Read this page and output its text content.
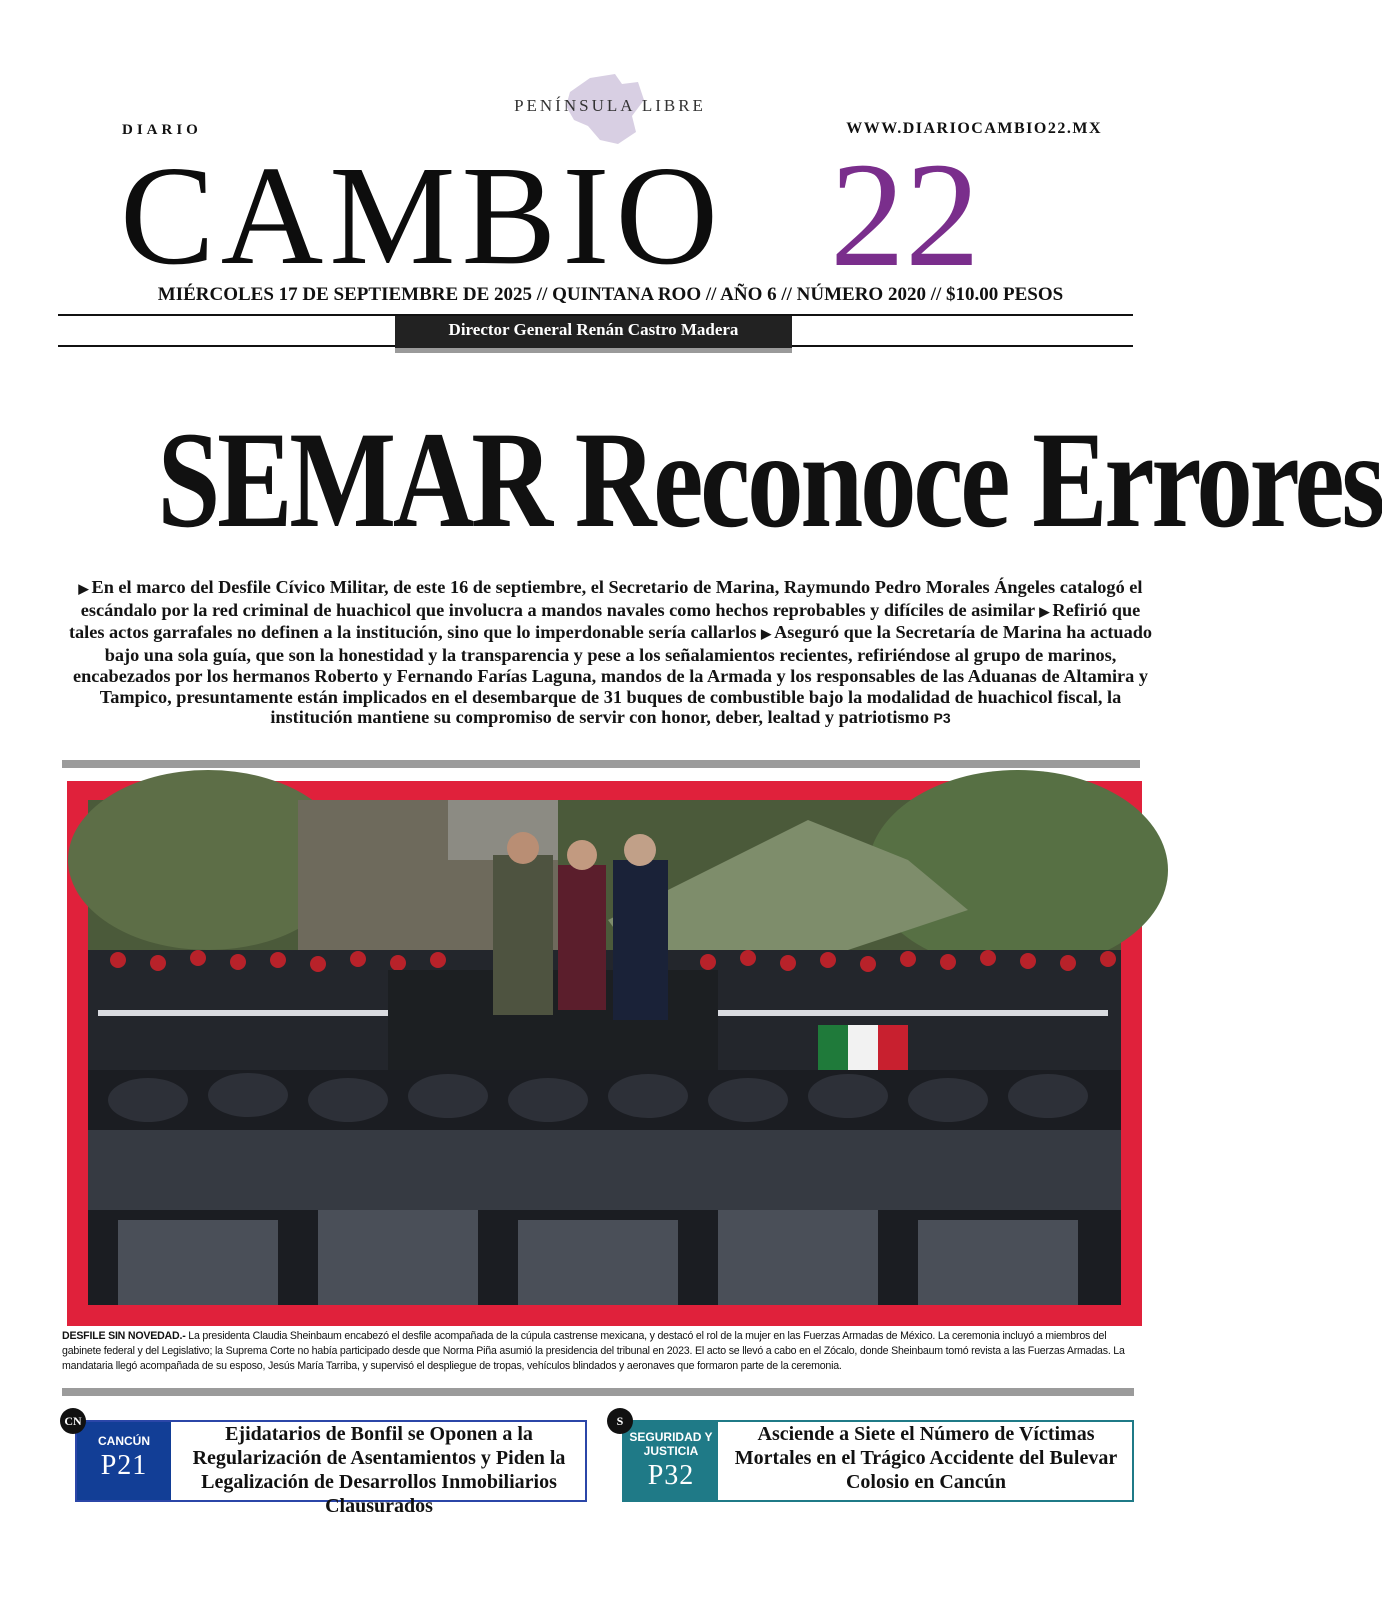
PENÍNSULA LIBRE
DIARIO	WWW.DIARIOCAMBIO22.MX
CAMBIO 22
MIÉRCOLES 17 DE SEPTIEMBRE DE 2025 // QUINTANA ROO // AÑO 6 // NÚMERO 2020 // $10.00 PESOS
Director General Renán Castro Madera
SEMAR Reconoce Errores
▶ En el marco del Desfile Cívico Militar, de este 16 de septiembre, el Secretario de Marina, Raymundo Pedro Morales Ángeles catalogó el escándalo por la red criminal de huachicol que involucra a mandos navales como hechos reprobables y difíciles de asimilar ▶ Refirió que tales actos garrafales no definen a la institución, sino que lo imperdonable sería callarlos ▶ Aseguró que la Secretaría de Marina ha actuado bajo una sola guía, que son la honestidad y la transparencia y pese a los señalamientos recientes, refiriéndose al grupo de marinos, encabezados por los hermanos Roberto y Fernando Farías Laguna, mandos de la Armada y los responsables de las Aduanas de Altamira y Tampico, presuntamente están implicados en el desembarque de 31 buques de combustible bajo la modalidad de huachicol fiscal, la institución mantiene su compromiso de servir con honor, deber, lealtad y patriotismo P3
DESFILE SIN NOVEDAD.- La presidenta Claudia Sheinbaum encabezó el desfile acompañada de la cúpula castrense mexicana, y destacó el rol de la mujer en las Fuerzas Armadas de México. La ceremonia incluyó a miembros del gabinete federal y del Legislativo; la Suprema Corte no había participado desde que Norma Piña asumió la presidencia del tribunal en 2023. El acto se llevó a cabo en el Zócalo, donde Sheinbaum tomó revista a las Fuerzas Armadas. La mandataria llegó acompañada de su esposo, Jesús María Tarriba, y supervisó el despliegue de tropas, vehículos blindados y aeronaves que formaron parte de la ceremonia.
CANCÚN
P21
Ejidatarios de Bonfil se Oponen a la Regularización de Asentamientos y Piden la Legalización de Desarrollos Inmobiliarios Clausurados
CN
SEGURIDAD Y JUSTICIA
P32
Asciende a Siete el Número de Víctimas Mortales en el Trágico Accidente del Bulevar Colosio en Cancún
S
